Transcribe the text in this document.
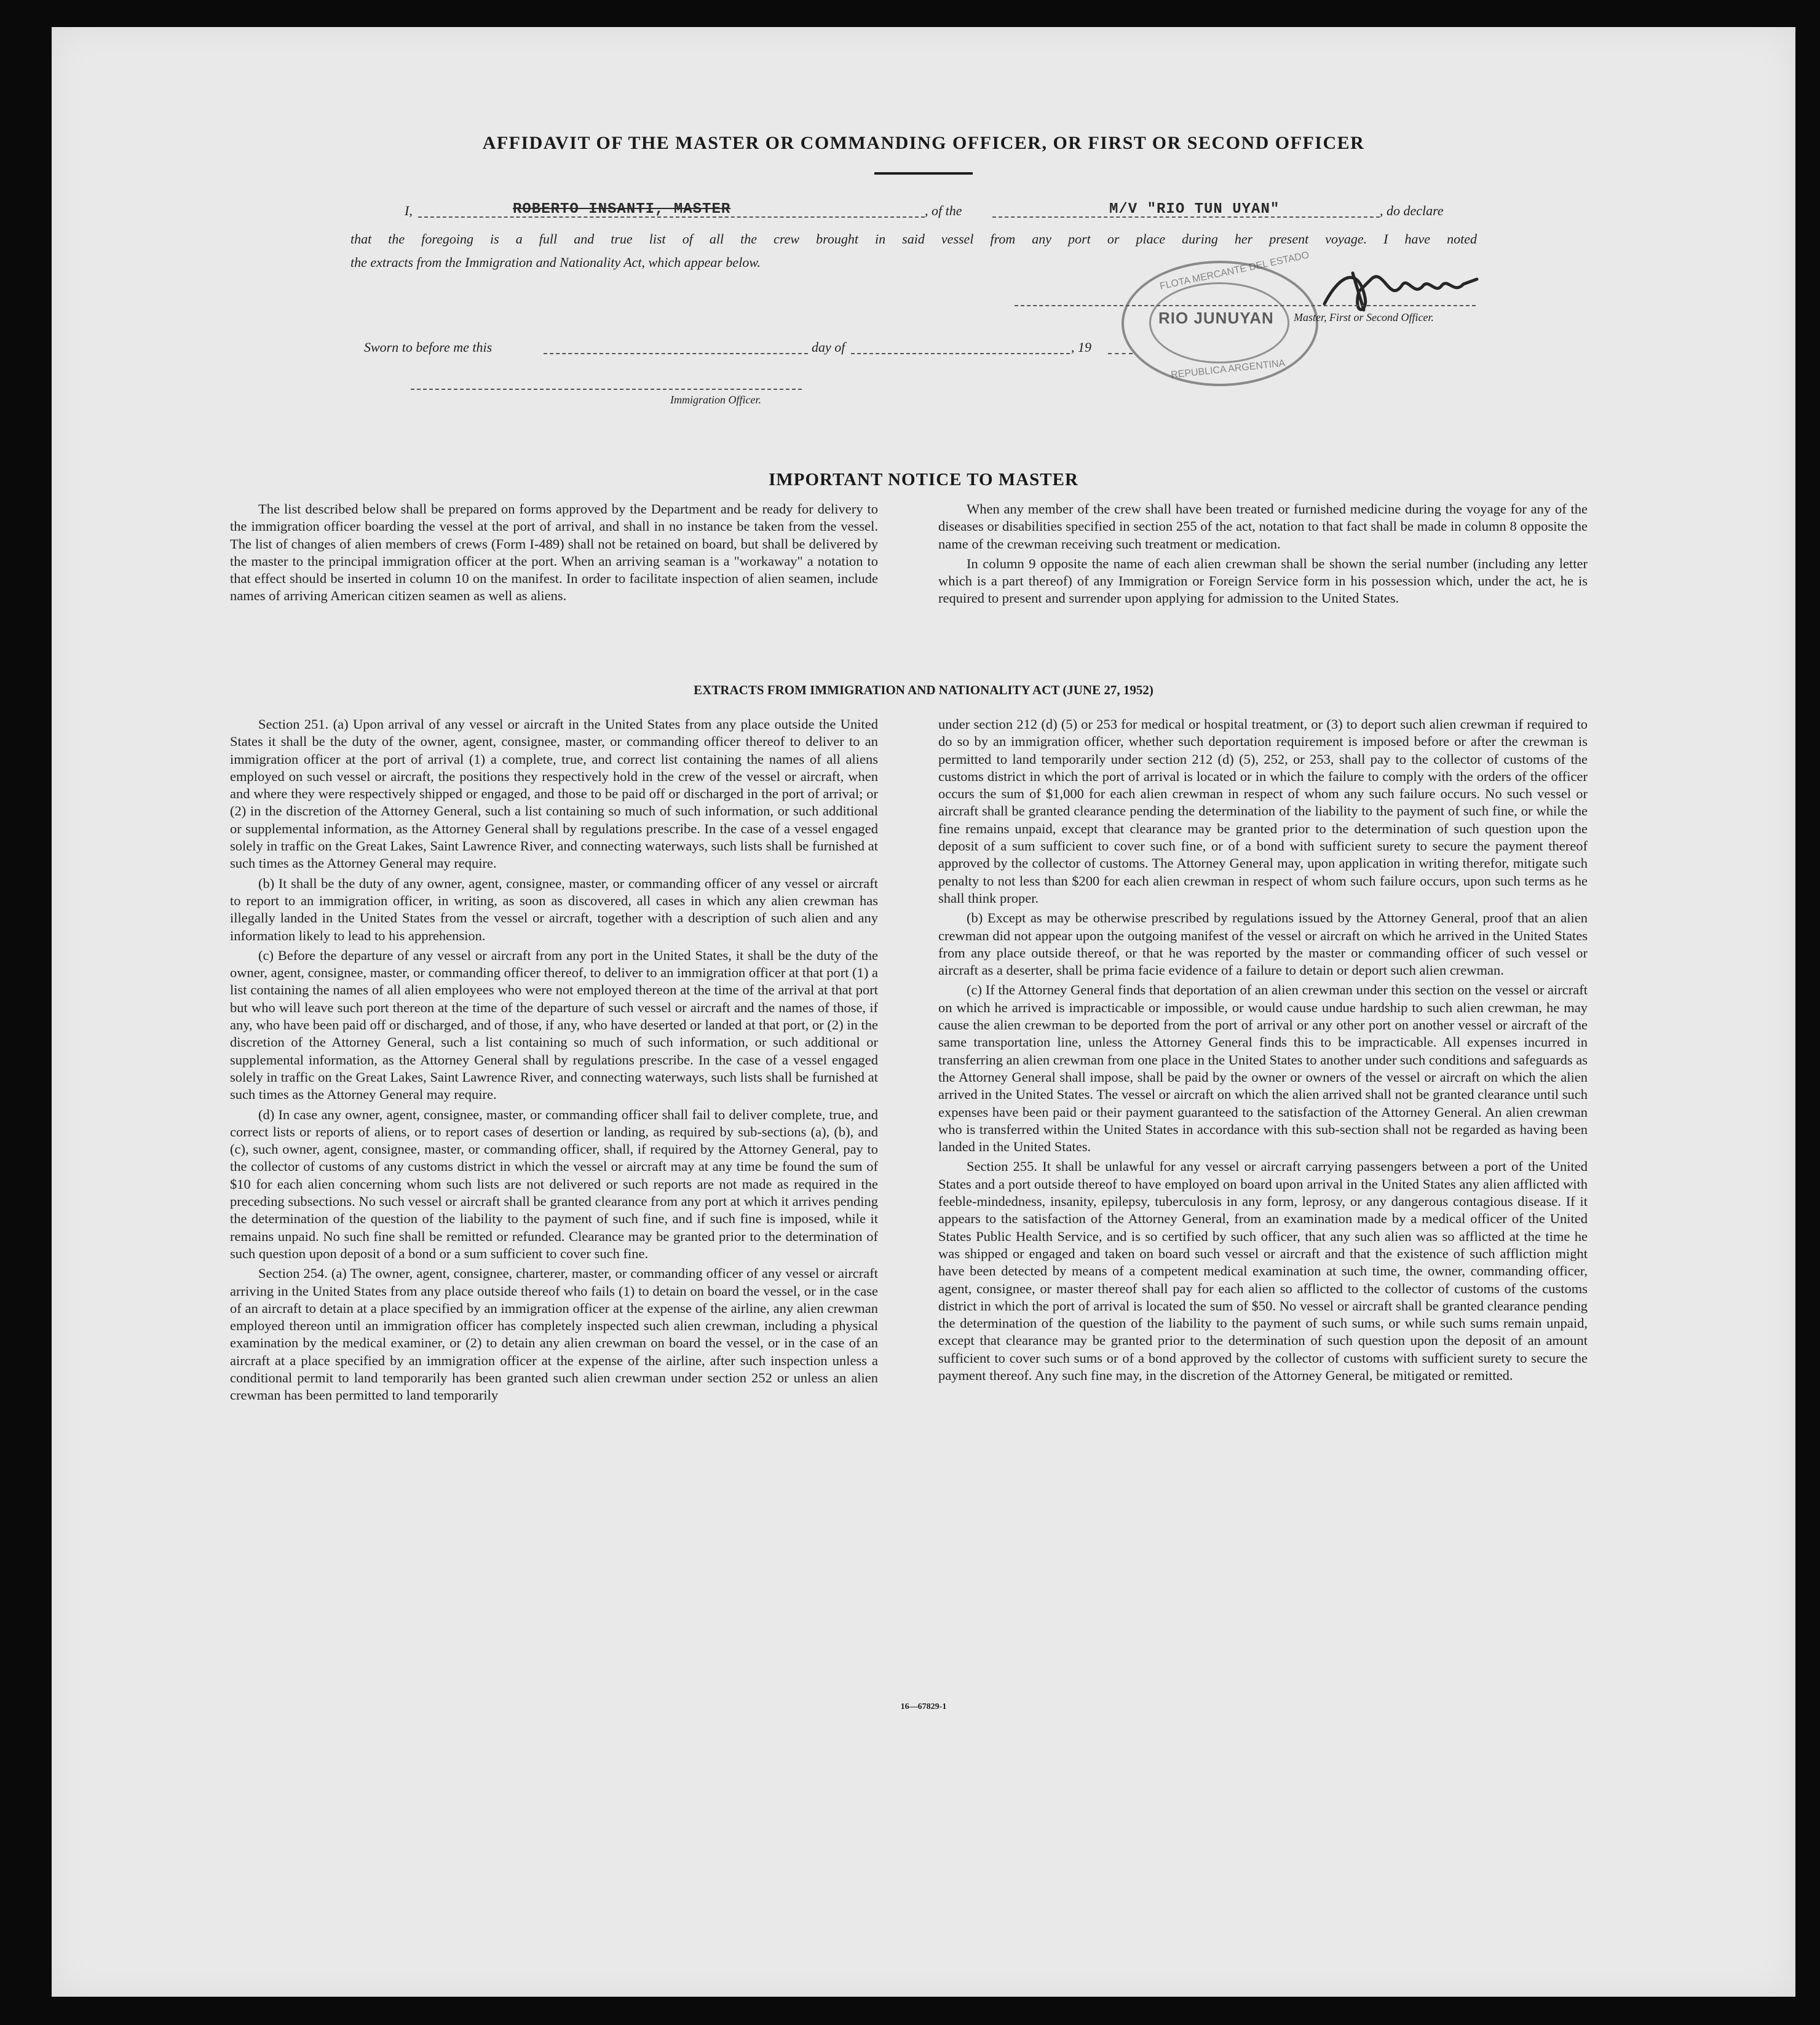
AFFIDAVIT OF THE MASTER OR COMMANDING OFFICER, OR FIRST OR SECOND OFFICER
I,	ROBERTO INSANTI, MASTER	, of the	M/V "RIO TUN UYAN"	, do declare
that the foregoing is a full and true list of all the crew brought in said vessel from any port or place during her present voyage. I have noted
the extracts from the Immigration and Nationality Act, which appear below.
RIO JUNUYAN
FLOTA MERCANTE DEL ESTADO
REPUBLICA ARGENTINA
Master, First or Second Officer.
Sworn to before me this	day of	, 19
Immigration Officer.
IMPORTANT NOTICE TO MASTER

The list described below shall be prepared on forms approved by the Department and be ready for delivery to the immigration officer boarding the vessel at the port of arrival, and shall in no instance be taken from the vessel. The list of changes of alien members of crews (Form I-489) shall not be retained on board, but shall be delivered by the master to the principal immigration officer at the port. When an arriving seaman is a "workaway" a notation to that effect should be inserted in column 10 on the manifest. In order to facilitate inspection of alien seamen, include names of arriving American citizen seamen as well as aliens.

When any member of the crew shall have been treated or furnished medicine during the voyage for any of the diseases or disabilities specified in section 255 of the act, notation to that fact shall be made in column 8 opposite the name of the crewman receiving such treatment or medication.

In column 9 opposite the name of each alien crewman shall be shown the serial number (including any letter which is a part thereof) of any Immigration or Foreign Service form in his possession which, under the act, he is required to present and surrender upon applying for admission to the United States.

EXTRACTS FROM IMMIGRATION AND NATIONALITY ACT (JUNE 27, 1952)

Section 251. (a) Upon arrival of any vessel or aircraft in the United States from any place outside the United States it shall be the duty of the owner, agent, consignee, master, or commanding officer thereof to deliver to an immigration officer at the port of arrival (1) a complete, true, and correct list containing the names of all aliens employed on such vessel or aircraft, the positions they respectively hold in the crew of the vessel or aircraft, when and where they were respectively shipped or engaged, and those to be paid off or discharged in the port of arrival; or (2) in the discretion of the Attorney General, such a list containing so much of such information, or such additional or supplemental information, as the Attorney General shall by regulations prescribe. In the case of a vessel engaged solely in traffic on the Great Lakes, Saint Lawrence River, and connecting waterways, such lists shall be furnished at such times as the Attorney General may require.

(b) It shall be the duty of any owner, agent, consignee, master, or commanding officer of any vessel or aircraft to report to an immigration officer, in writing, as soon as discovered, all cases in which any alien crewman has illegally landed in the United States from the vessel or aircraft, together with a description of such alien and any information likely to lead to his apprehension.

(c) Before the departure of any vessel or aircraft from any port in the United States, it shall be the duty of the owner, agent, consignee, master, or commanding officer thereof, to deliver to an immigration officer at that port (1) a list containing the names of all alien employees who were not employed thereon at the time of the arrival at that port but who will leave such port thereon at the time of the departure of such vessel or aircraft and the names of those, if any, who have been paid off or discharged, and of those, if any, who have deserted or landed at that port, or (2) in the discretion of the Attorney General, such a list containing so much of such information, or such additional or supplemental information, as the Attorney General shall by regulations prescribe. In the case of a vessel engaged solely in traffic on the Great Lakes, Saint Lawrence River, and connecting waterways, such lists shall be furnished at such times as the Attorney General may require.

(d) In case any owner, agent, consignee, master, or commanding officer shall fail to deliver complete, true, and correct lists or reports of aliens, or to report cases of desertion or landing, as required by sub-sections (a), (b), and (c), such owner, agent, consignee, master, or commanding officer, shall, if required by the Attorney General, pay to the collector of customs of any customs district in which the vessel or aircraft may at any time be found the sum of $10 for each alien concerning whom such lists are not delivered or such reports are not made as required in the preceding subsections. No such vessel or aircraft shall be granted clearance from any port at which it arrives pending the determination of the question of the liability to the payment of such fine, and if such fine is imposed, while it remains unpaid. No such fine shall be remitted or refunded. Clearance may be granted prior to the determination of such question upon deposit of a bond or a sum sufficient to cover such fine.

Section 254. (a) The owner, agent, consignee, charterer, master, or commanding officer of any vessel or aircraft arriving in the United States from any place outside thereof who fails (1) to detain on board the vessel, or in the case of an aircraft to detain at a place specified by an immigration officer at the expense of the airline, any alien crewman employed thereon until an immigration officer has completely inspected such alien crewman, including a physical examination by the medical examiner, or (2) to detain any alien crewman on board the vessel, or in the case of an aircraft at a place specified by an immigration officer at the expense of the airline, after such inspection unless a conditional permit to land temporarily has been granted such alien crewman under section 252 or unless an alien crewman has been permitted to land temporarily

under section 212 (d) (5) or 253 for medical or hospital treatment, or (3) to deport such alien crewman if required to do so by an immigration officer, whether such deportation requirement is imposed before or after the crewman is permitted to land temporarily under section 212 (d) (5), 252, or 253, shall pay to the collector of customs of the customs district in which the port of arrival is located or in which the failure to comply with the orders of the officer occurs the sum of $1,000 for each alien crewman in respect of whom any such failure occurs. No such vessel or aircraft shall be granted clearance pending the determination of the liability to the payment of such fine, or while the fine remains unpaid, except that clearance may be granted prior to the determination of such question upon the deposit of a sum sufficient to cover such fine, or of a bond with sufficient surety to secure the payment thereof approved by the collector of customs. The Attorney General may, upon application in writing therefor, mitigate such penalty to not less than $200 for each alien crewman in respect of whom such failure occurs, upon such terms as he shall think proper.

(b) Except as may be otherwise prescribed by regulations issued by the Attorney General, proof that an alien crewman did not appear upon the outgoing manifest of the vessel or aircraft on which he arrived in the United States from any place outside thereof, or that he was reported by the master or commanding officer of such vessel or aircraft as a deserter, shall be prima facie evidence of a failure to detain or deport such alien crewman.

(c) If the Attorney General finds that deportation of an alien crewman under this section on the vessel or aircraft on which he arrived is impracticable or impossible, or would cause undue hardship to such alien crewman, he may cause the alien crewman to be deported from the port of arrival or any other port on another vessel or aircraft of the same transportation line, unless the Attorney General finds this to be impracticable. All expenses incurred in transferring an alien crewman from one place in the United States to another under such conditions and safeguards as the Attorney General shall impose, shall be paid by the owner or owners of the vessel or aircraft on which the alien arrived in the United States. The vessel or aircraft on which the alien arrived shall not be granted clearance until such expenses have been paid or their payment guaranteed to the satisfaction of the Attorney General. An alien crewman who is transferred within the United States in accordance with this sub-section shall not be regarded as having been landed in the United States.

Section 255. It shall be unlawful for any vessel or aircraft carrying passengers between a port of the United States and a port outside thereof to have employed on board upon arrival in the United States any alien afflicted with feeble-mindedness, insanity, epilepsy, tuberculosis in any form, leprosy, or any dangerous contagious disease. If it appears to the satisfaction of the Attorney General, from an examination made by a medical officer of the United States Public Health Service, and is so certified by such officer, that any such alien was so afflicted at the time he was shipped or engaged and taken on board such vessel or aircraft and that the existence of such affliction might have been detected by means of a competent medical examination at such time, the owner, commanding officer, agent, consignee, or master thereof shall pay for each alien so afflicted to the collector of customs of the customs district in which the port of arrival is located the sum of $50. No vessel or aircraft shall be granted clearance pending the determination of the question of the liability to the payment of such sums, or while such sums remain unpaid, except that clearance may be granted prior to the determination of such question upon the deposit of an amount sufficient to cover such sums or of a bond approved by the collector of customs with sufficient surety to secure the payment thereof. Any such fine may, in the discretion of the Attorney General, be mitigated or remitted.

16—67829-1
